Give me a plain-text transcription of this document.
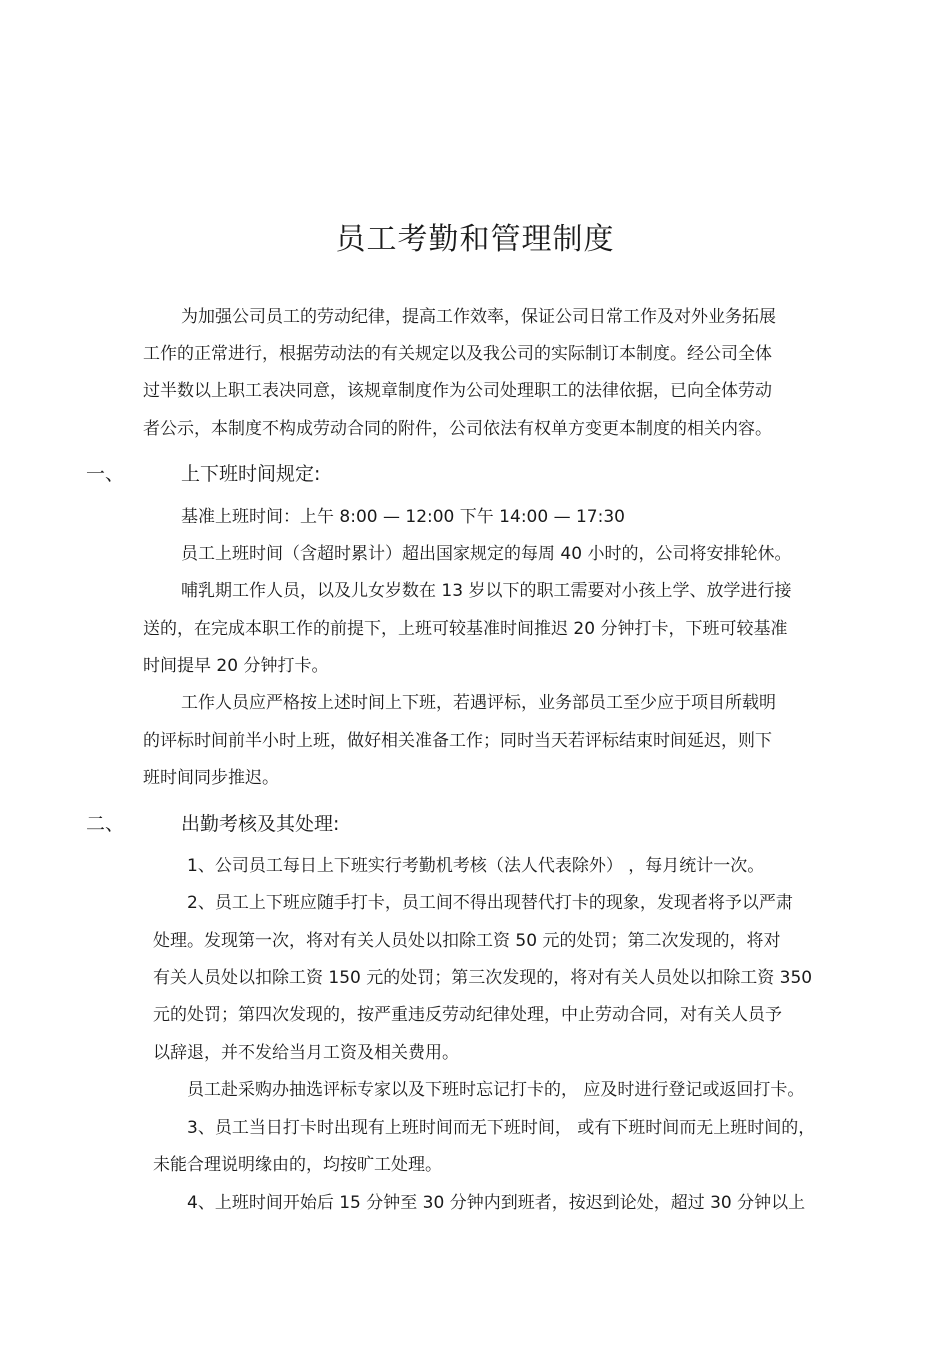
员工考勤和管理制度
为加强公司员工的劳动纪律，提高工作效率，保证公司日常工作及对外业务拓展
工作的正常进行，根据劳动法的有关规定以及我公司的实际制订本制度。经公司全体
过半数以上职工表决同意，该规章制度作为公司处理职工的法律依据，已向全体劳动
者公示，本制度不构成劳动合同的附件，公司依法有权单方变更本制度的相关内容。
一、	上下班时间规定:
基准上班时间：上午 8:00 — 12:00 下午 14:00 — 17:30
员工上班时间（含超时累计）超出国家规定的每周 40 小时的，公司将安排轮休。
哺乳期工作人员，以及儿女岁数在 13 岁以下的职工需要对小孩上学、放学进行接
送的，在完成本职工作的前提下，上班可较基准时间推迟 20 分钟打卡，下班可较基准
时间提早 20 分钟打卡。
工作人员应严格按上述时间上下班，若遇评标，业务部员工至少应于项目所载明
的评标时间前半小时上班，做好相关准备工作；同时当天若评标结束时间延迟，则下
班时间同步推迟。
二、	出勤考核及其处理:
1、公司员工每日上下班实行考勤机考核（法人代表除外） ，每月统计一次。
2、员工上下班应随手打卡，员工间不得出现替代打卡的现象，发现者将予以严肃
处理。发现第一次，将对有关人员处以扣除工资 50 元的处罚；第二次发现的，将对
有关人员处以扣除工资 150 元的处罚；第三次发现的，将对有关人员处以扣除工资 350
元的处罚；第四次发现的，按严重违反劳动纪律处理，中止劳动合同，对有关人员予
以辞退，并不发给当月工资及相关费用。
员工赴采购办抽选评标专家以及下班时忘记打卡的， 应及时进行登记或返回打卡。
3、员工当日打卡时出现有上班时间而无下班时间， 或有下班时间而无上班时间的，
未能合理说明缘由的，均按旷工处理。
4、上班时间开始后 15 分钟至 30 分钟内到班者，按迟到论处，超过 30 分钟以上
